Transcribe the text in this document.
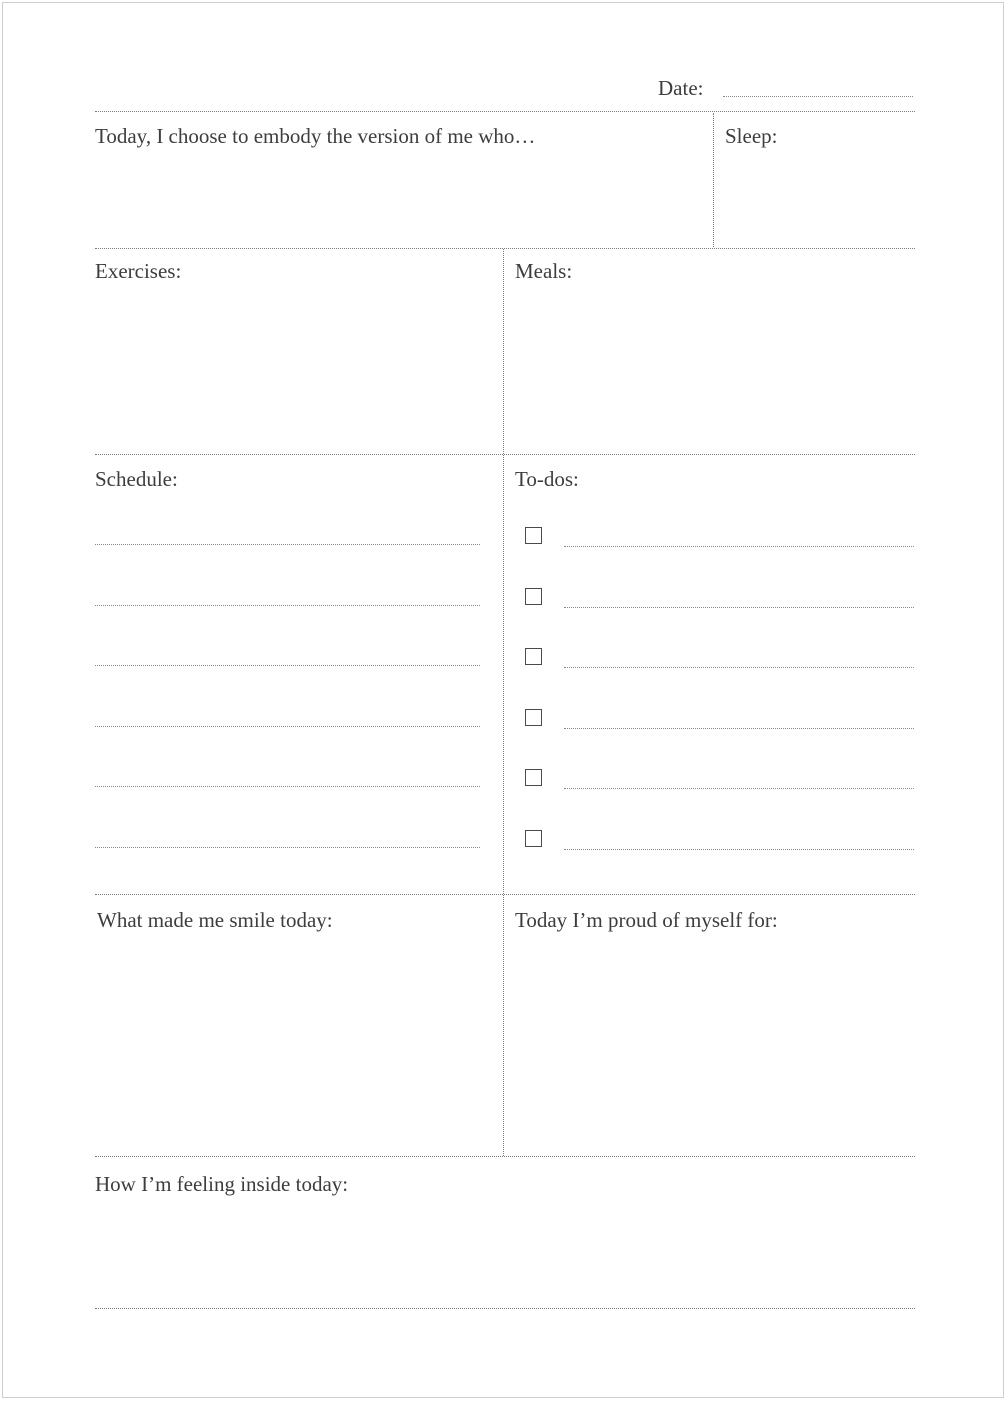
Date:
Today, I choose to embody the version of me who…	Sleep:
Exercises:	Meals:
Schedule:	To-dos:
What made me smile today:	Today I’m proud of myself for:
How I’m feeling inside today:
